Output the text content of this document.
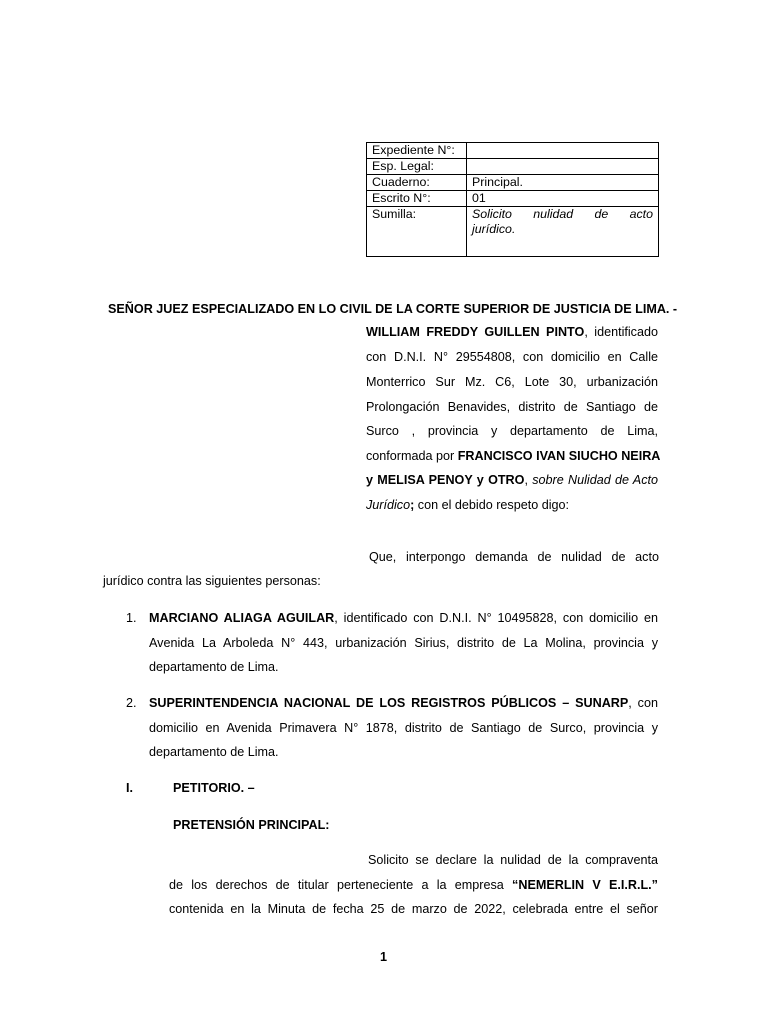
Expediente N°:	
Esp. Legal:	
Cuaderno:	Principal.
Escrito N°:	01
Sumilla:	Solicito nulidad de acto
jurídico.
SEÑOR JUEZ ESPECIALIZADO EN LO CIVIL DE LA CORTE SUPERIOR DE JUSTICIA DE LIMA. -
WILLIAM FREDDY GUILLEN PINTO, identificado
con D.N.I. N° 29554808, con domicilio en Calle
Monterrico Sur Mz. C6, Lote 30, urbanización
Prolongación Benavides, distrito de Santiago de
Surco , provincia y departamento de Lima,
conformada por FRANCISCO IVAN SIUCHO NEIRA
y MELISA PENOY y OTRO, sobre Nulidad de Acto
Jurídico; con el debido respeto digo:
Que, interpongo demanda de nulidad de acto
jurídico contra las siguientes personas:
1. MARCIANO ALIAGA AGUILAR, identificado con D.N.I. N° 10495828, con domicilio en
Avenida La Arboleda N° 443, urbanización Sirius, distrito de La Molina, provincia y
departamento de Lima.
2. SUPERINTENDENCIA NACIONAL DE LOS REGISTROS PÚBLICOS – SUNARP, con
domicilio en Avenida Primavera N° 1878, distrito de Santiago de Surco, provincia y
departamento de Lima.
I.	PETITORIO. –
PRETENSIÓN PRINCIPAL:
Solicito se declare la nulidad de la compraventa
de los derechos de titular perteneciente a la empresa “NEMERLIN V E.I.R.L.”
contenida en la Minuta de fecha 25 de marzo de 2022, celebrada entre el señor
1
